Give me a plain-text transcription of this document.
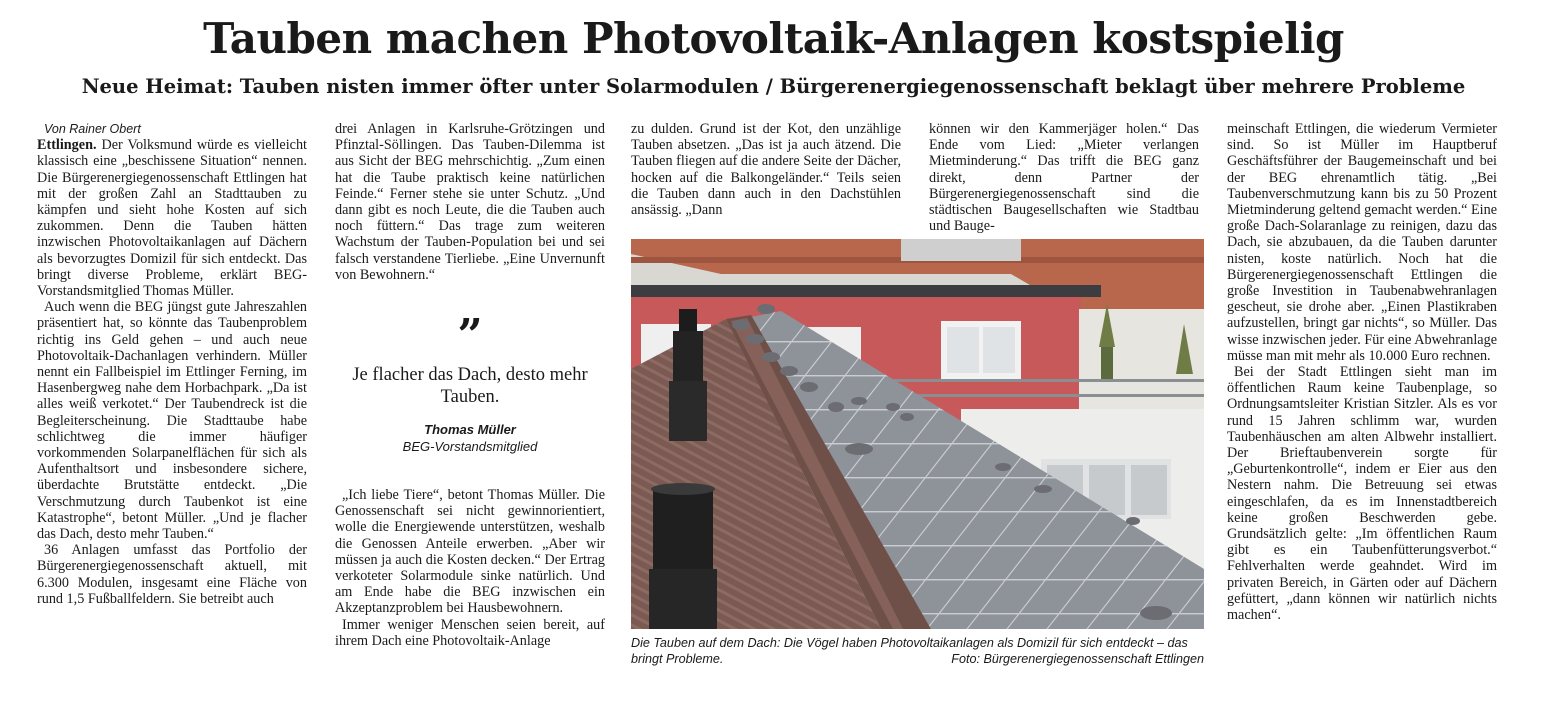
Tauben machen Photovoltaik-Anlagen kostspielig
Neue Heimat: Tauben nisten immer öfter unter Solarmodulen / Bürgerenergiegenossenschaft beklagt über mehrere Probleme

Von Rainer Obert

Ettlingen. Der Volksmund würde es vielleicht klassisch eine „beschissene Situation“ nennen. Die Bürgerenergiegenossenschaft Ettlingen hat mit der großen Zahl an Stadttauben zu kämpfen und sieht hohe Kosten auf sich zukommen. Denn die Tauben hätten inzwischen Photovoltaikanlagen auf Dächern als bevorzugtes Domizil für sich entdeckt. Das bringt diverse Probleme, erklärt BEG-Vorstandsmitglied Thomas Müller.

Auch wenn die BEG jüngst gute Jahreszahlen präsentiert hat, so könnte das Taubenproblem richtig ins Geld gehen – und auch neue Photovoltaik-Dachanlagen verhindern. Müller nennt ein Fallbeispiel im Ettlinger Ferning, im Hasenbergweg nahe dem Horbachpark. „Da ist alles weiß verkotet.“ Der Taubendreck ist die Begleiterscheinung. Die Stadttaube habe schlichtweg die immer häufiger vorkommenden Solarpanelflächen für sich als Aufenthaltsort und insbesondere sichere, überdachte Brutstätte entdeckt. „Die Verschmutzung durch Taubenkot ist eine Katastrophe“, betont Müller. „Und je flacher das Dach, desto mehr Tauben.“

36 Anlagen umfasst das Portfolio der Bürgerenergiegenossenschaft aktuell, mit 6.300 Modulen, insgesamt eine Fläche von rund 1,5 Fußballfeldern. Sie betreibt auch

drei Anlagen in Karlsruhe-Grötzingen und Pfinztal-Söllingen. Das Tauben-Dilemma ist aus Sicht der BEG mehrschichtig. „Zum einen hat die Taube praktisch keine natürlichen Feinde.“ Ferner stehe sie unter Schutz. „Und dann gibt es noch Leute, die die Tauben auch noch füttern.“ Das trage zum weiteren Wachstum der Tauben-Population bei und sei falsch verstandene Tierliebe. „Eine Unvernunft von Bewohnern.“

”
Je flacher das Dach, desto mehr Tauben.
Thomas Müller
BEG-Vorstandsmitglied

„Ich liebe Tiere“, betont Thomas Müller. Die Genossenschaft sei nicht gewinnorientiert, wolle die Energiewende unterstützen, weshalb die Genossen Anteile erwerben. „Aber wir müssen ja auch die Kosten decken.“ Der Ertrag verkoteter Solarmodule sinke natürlich. Und am Ende habe die BEG inzwischen ein Akzeptanzproblem bei Hausbewohnern.

Immer weniger Menschen seien bereit, auf ihrem Dach eine Photovoltaik-Anlage

zu dulden. Grund ist der Kot, den unzählige Tauben absetzen. „Das ist ja auch ätzend. Die Tauben fliegen auf die andere Seite der Dächer, hocken auf die Balkongeländer.“ Teils seien die Tauben dann auch in den Dachstühlen ansässig. „Dann

können wir den Kammerjäger holen.“ Das Ende vom Lied: „Mieter verlangen Mietminderung.“ Das trifft die BEG ganz direkt, denn Partner der Bürgerenergiegenossenschaft sind die städtischen Baugesellschaften wie Stadtbau und Bauge-

meinschaft Ettlingen, die wiederum Vermieter sind. So ist Müller im Hauptberuf Geschäftsführer der Baugemeinschaft und bei der BEG ehrenamtlich tätig. „Bei Taubenverschmutzung kann bis zu 50 Prozent Mietminderung geltend gemacht werden.“ Eine große Dach-Solaranlage zu reinigen, dazu das Dach, sie abzubauen, da die Tauben darunter nisten, koste natürlich. Noch hat die Bürgerenergiegenossenschaft Ettlingen die große Investition in Taubenabwehranlagen gescheut, sie drohe aber. „Einen Plastikraben aufzustellen, bringt gar nichts“, so Müller. Das wisse inzwischen jeder. Für eine Abwehranlage müsse man mit mehr als 10.000 Euro rechnen.

Bei der Stadt Ettlingen sieht man im öffentlichen Raum keine Taubenplage, so Ordnungsamtsleiter Kristian Sitzler. Als es vor rund 15 Jahren schlimm war, wurden Taubenhäuschen am alten Albwehr installiert. Der Brieftaubenverein sorgte für „Geburtenkontrolle“, indem er Eier aus den Nestern nahm. Die Betreuung sei etwas eingeschlafen, da es im Innenstadtbereich keine großen Beschwerden gebe. Grundsätzlich gelte: „Im öffentlichen Raum gibt es ein Taubenfütterungsverbot.“ Fehlverhalten werde geahndet. Wird im privaten Bereich, in Gärten oder auf Dächern gefüttert, „dann können wir natürlich nichts machen“.

Die Tauben auf dem Dach: Die Vögel haben Photovoltaikanlagen als Domizil für sich entdeckt – das bringt Probleme.	Foto: Bürgerenergiegenossenschaft Ettlingen
